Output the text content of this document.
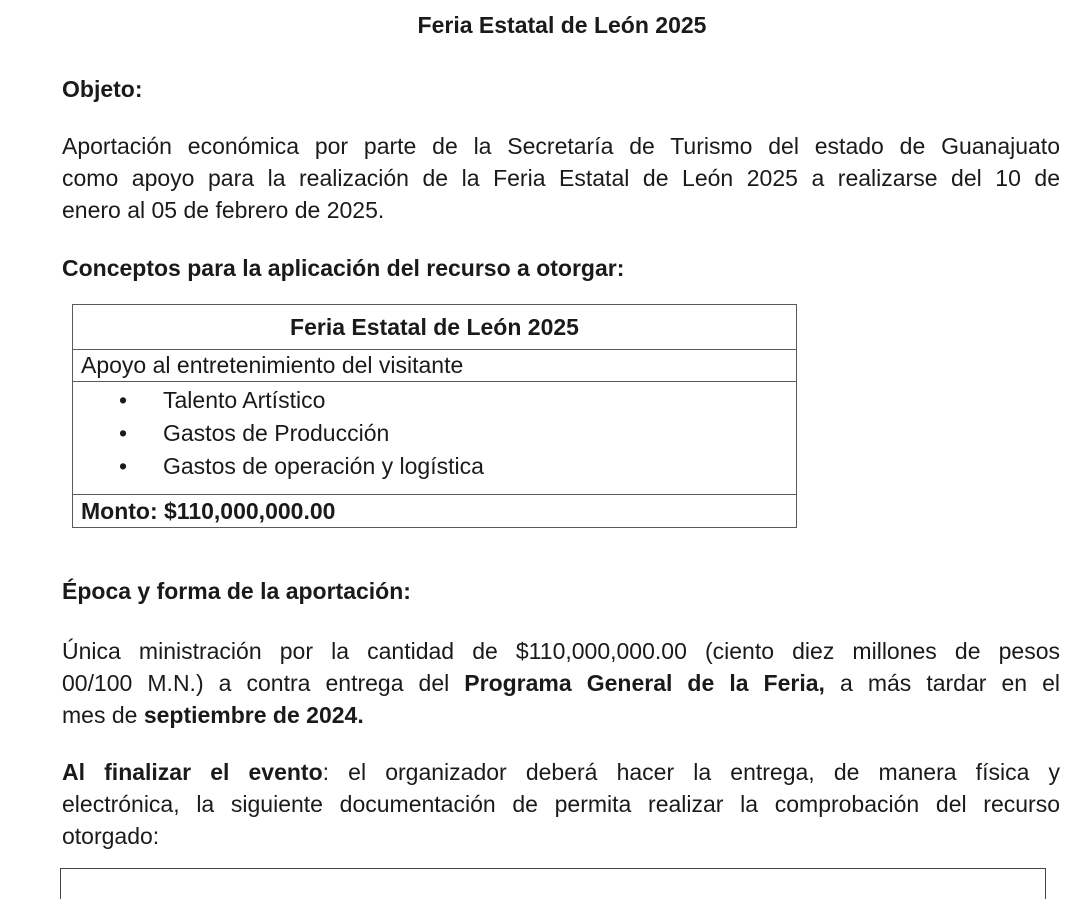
Feria Estatal de León 2025
Objeto:

Aportación económica por parte de la Secretaría de Turismo del estado de Guanajuato
como apoyo para la realización de la Feria Estatal de León 2025 a realizarse del 10 de
enero al 05 de febrero de 2025.

Conceptos para la aplicación del recurso a otorgar:
Feria Estatal de León 2025
Apoyo al entretenimiento del visitante

• Talento Artístico
• Gastos de Producción
• Gastos de operación y logística

Monto: $110,000,000.00
Época y forma de la aportación:

Única ministración por la cantidad de $110,000,000.00 (ciento diez millones de pesos
00/100 M.N.) a contra entrega del Programa General de la Feria, a más tardar en el
mes de septiembre de 2024.

Al finalizar el evento: el organizador deberá hacer la entrega, de manera física y
electrónica, la siguiente documentación de permita realizar la comprobación del recurso
otorgado:
